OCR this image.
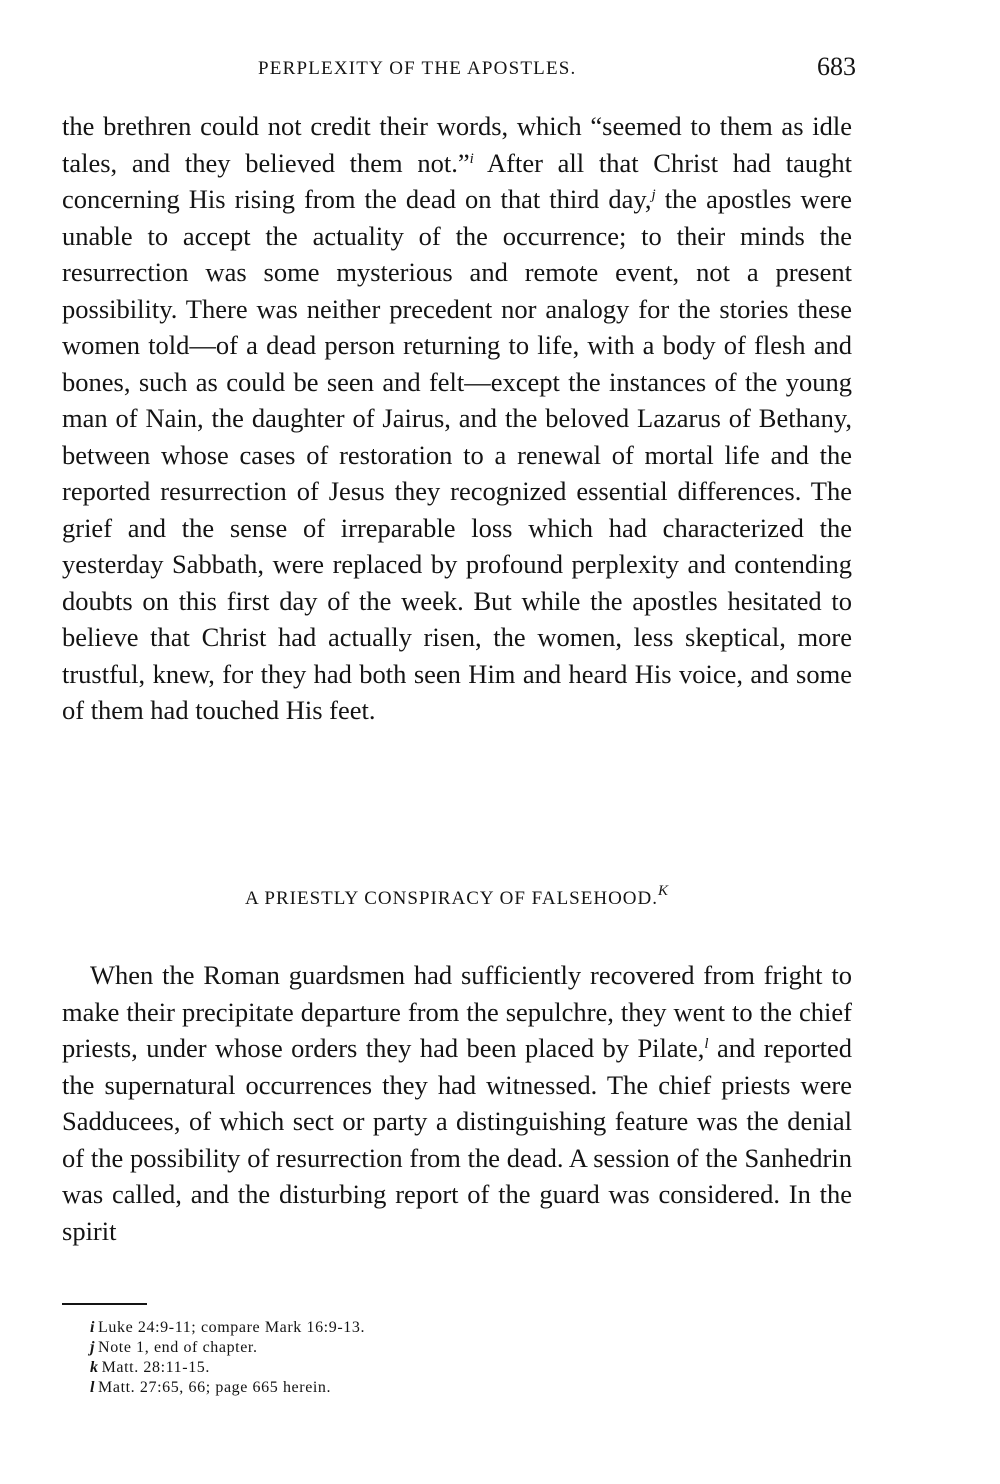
PERPLEXITY OF THE APOSTLES.	683

the brethren could not credit their words, which “seemed to them as idle tales, and they believed them not.”$^i$ After all that Christ had taught concerning His rising from the dead on that third day,$^j$ the apostles were unable to accept the actuality of the occurrence; to their minds the resurrection was some mysterious and remote event, not a present possibility. There was neither precedent nor analogy for the stories these women told—of a dead person returning to life, with a body of flesh and bones, such as could be seen and felt—except the instances of the young man of Nain, the daughter of Jairus, and the beloved Lazarus of Bethany, between whose cases of restoration to a renewal of mortal life and the reported resurrection of Jesus they recognized essential differences. The grief and the sense of irreparable loss which had characterized the yesterday Sabbath, were replaced by profound perplexity and contending doubts on this first day of the week. But while the apostles hesitated to believe that Christ had actually risen, the women, less skeptical, more trustful, knew, for they had both seen Him and heard His voice, and some of them had touched His feet.

A PRIESTLY CONSPIRACY OF FALSEHOOD.$^K$

When the Roman guardsmen had sufficiently recovered from fright to make their precipitate departure from the sepulchre, they went to the chief priests, under whose orders they had been placed by Pilate,$^l$ and reported the supernatural occurrences they had witnessed. The chief priests were Sadducees, of which sect or party a distinguishing feature was the denial of the possibility of resurrection from the dead. A session of the Sanhedrin was called, and the disturbing report of the guard was considered. In the spirit

i Luke 24:9-11; compare Mark 16:9-13.
j Note 1, end of chapter.
k Matt. 28:11-15.
l Matt. 27:65, 66; page 665 herein.
